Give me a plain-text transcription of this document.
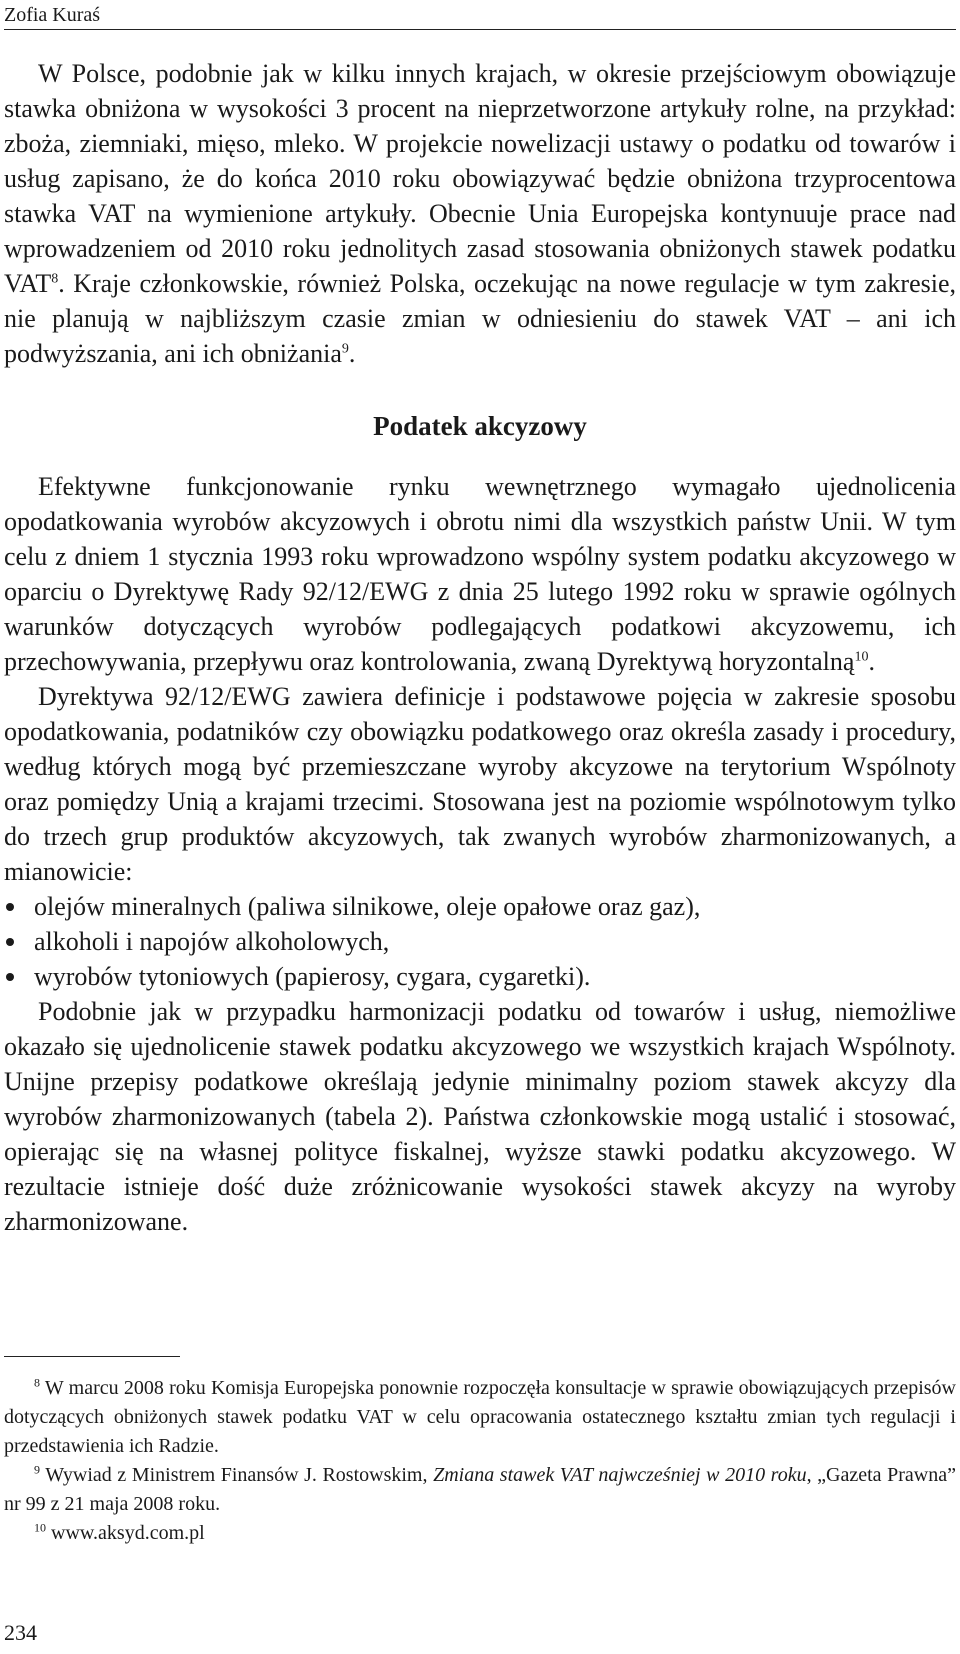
Zofia Kuraś

W Polsce, podobnie jak w kilku innych krajach, w okresie przejściowym obowiązuje stawka obniżona w wysokości 3 procent na nieprzetworzone artykuły rolne, na przykład: zboża, ziemniaki, mięso, mleko. W projekcie nowelizacji ustawy o podatku od towarów i usług zapisano, że do końca 2010 roku obowiązywać będzie obniżona trzyprocentowa stawka VAT na wymienione artykuły. Obecnie Unia Europejska kontynuuje prace nad wprowadzeniem od 2010 roku jednolitych zasad stosowania obniżonych stawek podatku VAT$^8$. Kraje członkowskie, również Polska, oczekując na nowe regulacje w tym zakresie, nie planują w najbliższym czasie zmian w odniesieniu do stawek VAT – ani ich podwyższania, ani ich obniżania$^9$.

Podatek akcyzowy

Efektywne funkcjonowanie rynku wewnętrznego wymagało ujednolicenia opodatkowania wyrobów akcyzowych i obrotu nimi dla wszystkich państw Unii. W tym celu z dniem 1 stycznia 1993 roku wprowadzono wspólny system podatku akcyzowego w oparciu o Dyrektywę Rady 92/12/EWG z dnia 25 lutego 1992 roku w sprawie ogólnych warunków dotyczących wyrobów podlegających podatkowi akcyzowemu, ich przechowywania, przepływu oraz kontrolowania, zwaną Dyrektywą horyzontalną$^{10}$.

Dyrektywa 92/12/EWG zawiera definicje i podstawowe pojęcia w zakresie sposobu opodatkowania, podatników czy obowiązku podatkowego oraz określa zasady i procedury, według których mogą być przemieszczane wyroby akcyzowe na terytorium Wspólnoty oraz pomiędzy Unią a krajami trzecimi. Stosowana jest na poziomie wspólnotowym tylko do trzech grup produktów akcyzowych, tak zwanych wyrobów zharmonizowanych, a mianowicie:

olejów mineralnych (paliwa silnikowe, oleje opałowe oraz gaz),
alkoholi i napojów alkoholowych,
wyrobów tytoniowych (papierosy, cygara, cygaretki).

Podobnie jak w przypadku harmonizacji podatku od towarów i usług, niemożliwe okazało się ujednolicenie stawek podatku akcyzowego we wszystkich krajach Wspólnoty. Unijne przepisy podatkowe określają jedynie minimalny poziom stawek akcyzy dla wyrobów zharmonizowanych (tabela 2). Państwa członkowskie mogą ustalić i stosować, opierając się na własnej polityce fiskalnej, wyższe stawki podatku akcyzowego. W rezultacie istnieje dość duże zróżnicowanie wysokości stawek akcyzy na wyroby zharmonizowane.

$^8$ W marcu 2008 roku Komisja Europejska ponownie rozpoczęła konsultacje w sprawie obowiązujących przepisów dotyczących obniżonych stawek podatku VAT w celu opracowania ostatecznego kształtu zmian tych regulacji i przedstawienia ich Radzie.

$^9$ Wywiad z Ministrem Finansów J. Rostowskim, Zmiana stawek VAT najwcześniej w 2010 roku, „Gazeta Prawna” nr 99 z 21 maja 2008 roku.

$^{10}$ www.aksyd.com.pl

234
